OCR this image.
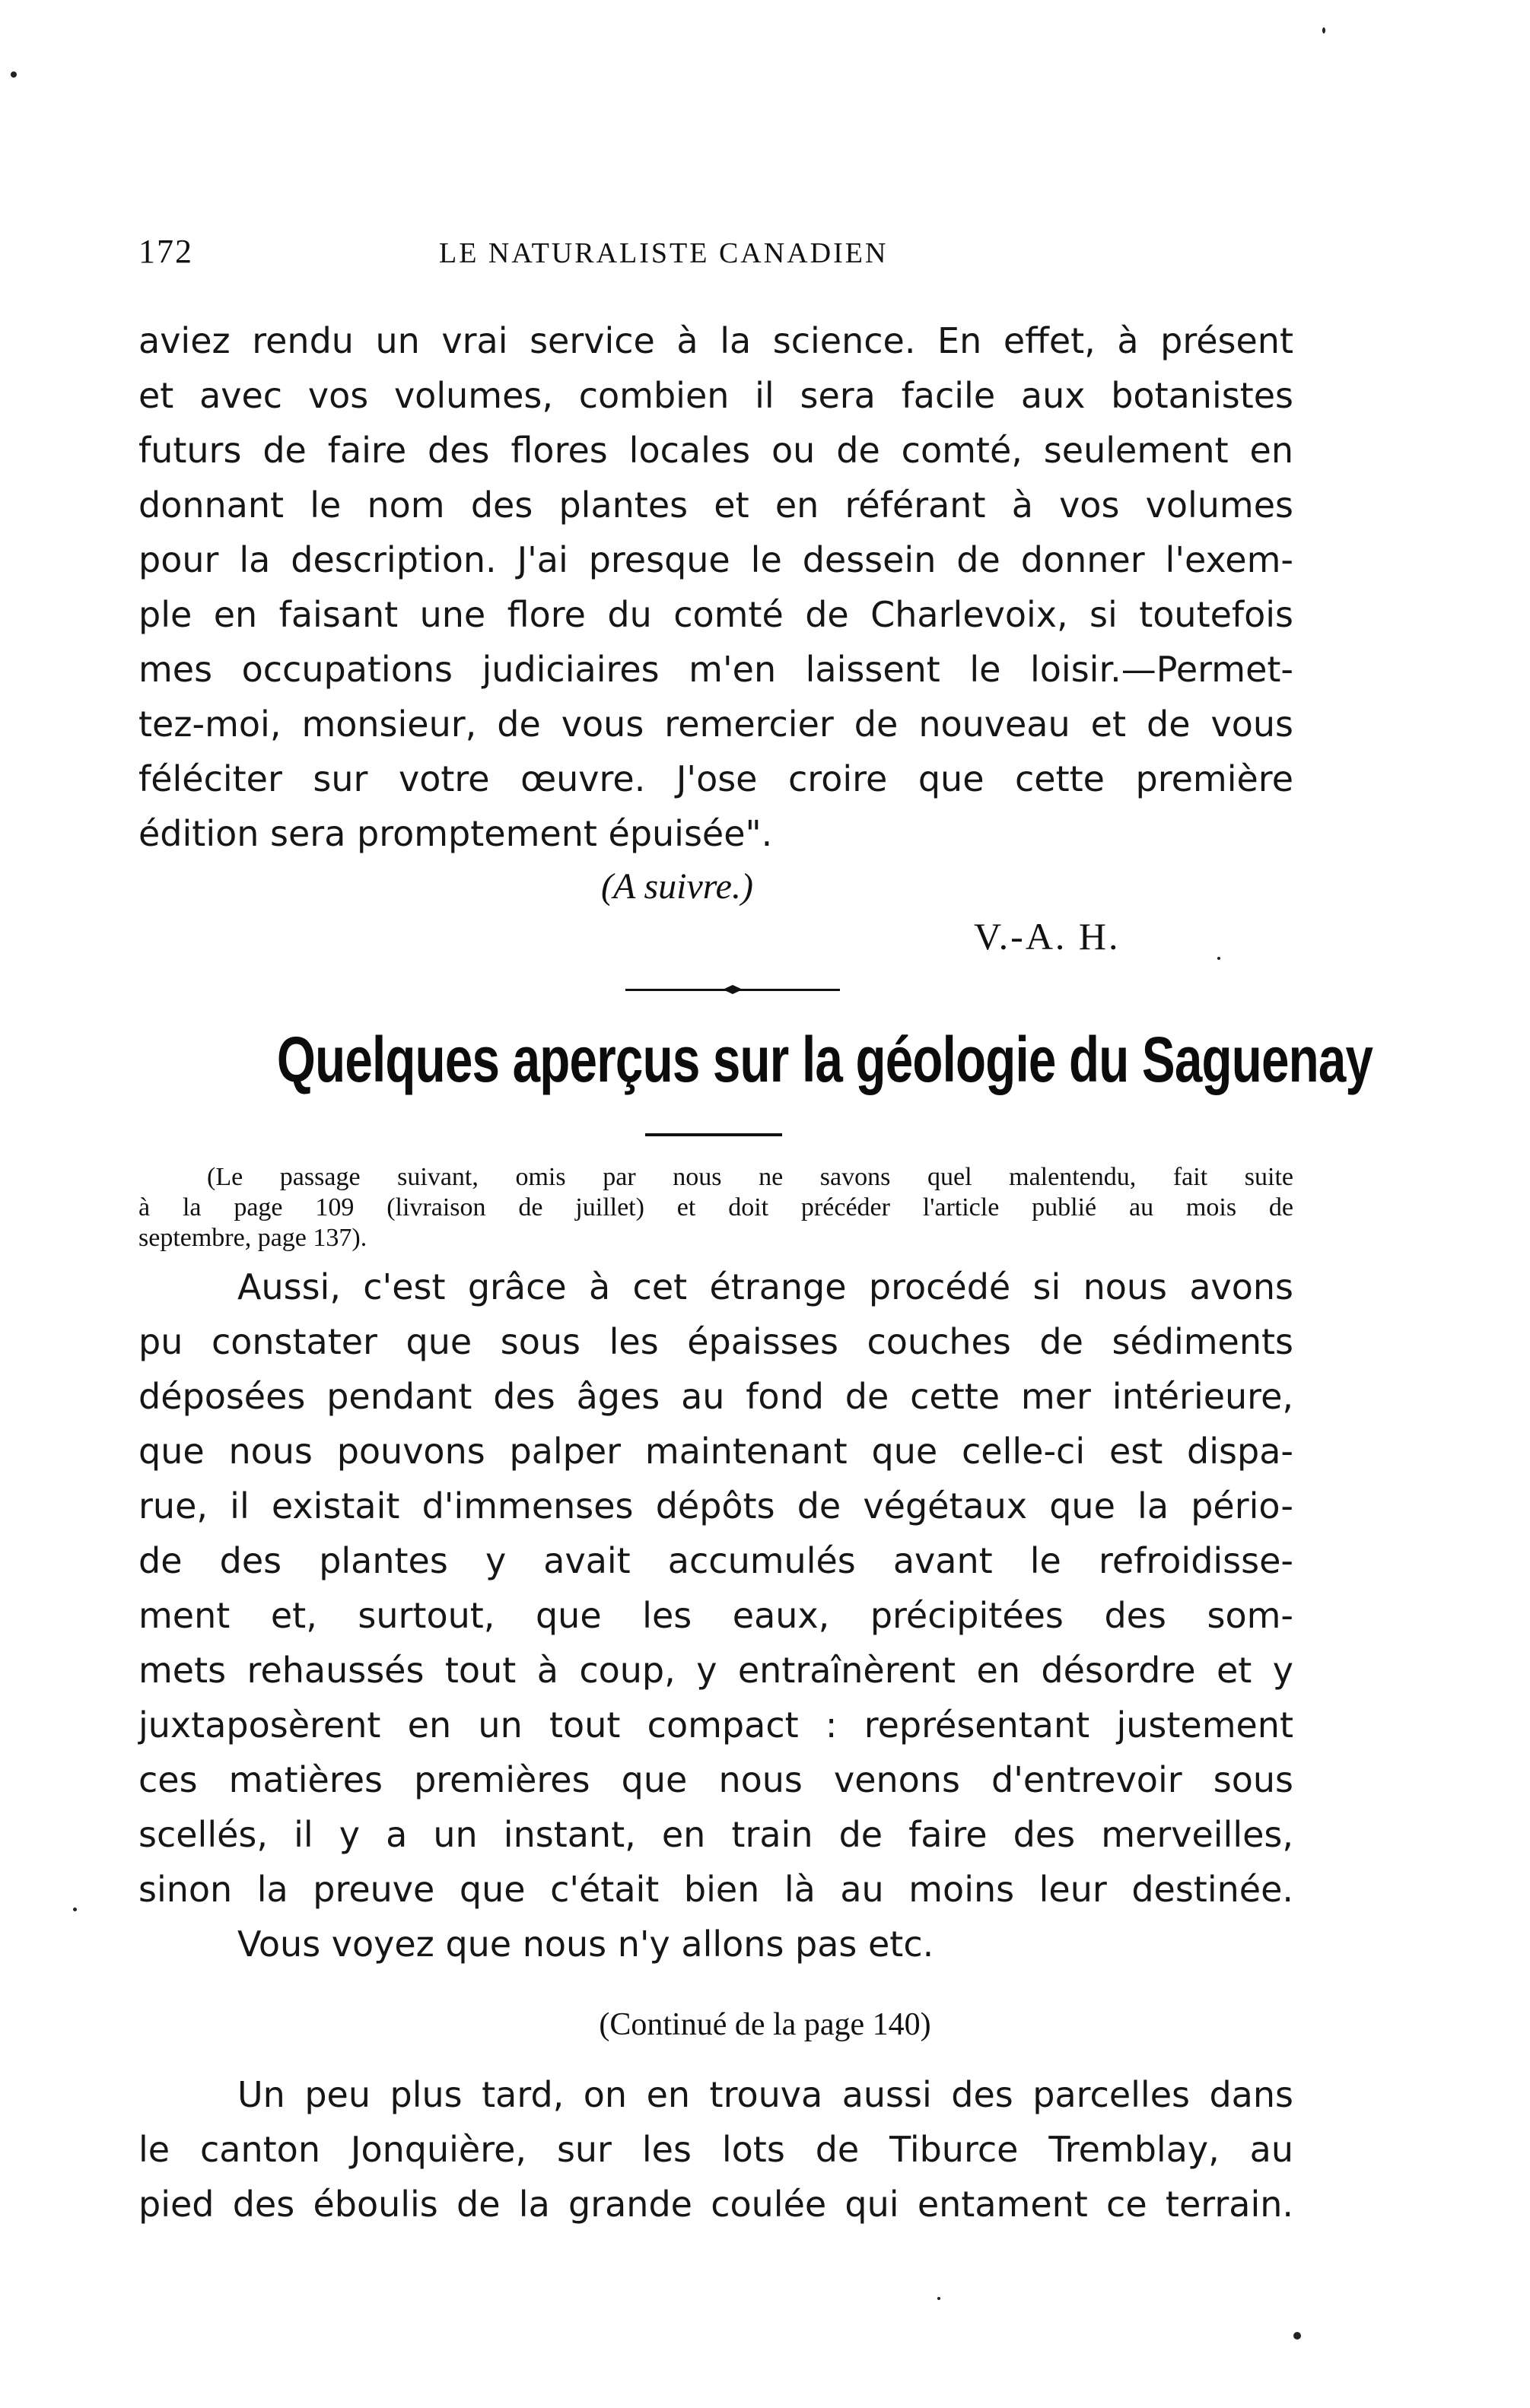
172	LE NATURALISTE CANADIEN
aviez rendu un vrai service à la science. En effet, à présent
et avec vos volumes, combien il sera facile aux botanistes
futurs de faire des flores locales ou de comté, seulement en
donnant le nom des plantes et en référant à vos volumes
pour la description. J'ai presque le dessein de donner l'exem-
ple en faisant une flore du comté de Charlevoix, si toutefois
mes occupations judiciaires m'en laissent le loisir.—Permet-
tez-moi, monsieur, de vous remercier de nouveau et de vous
féléciter sur votre œuvre. J'ose croire que cette première
édition sera promptement épuisée".
(A suivre.)
V.-A. H.
Quelques aperçus sur la géologie du Saguenay
(Le passage suivant, omis par nous ne savons quel malentendu, fait suite
à la page 109 (livraison de juillet) et doit précéder l'article publié au mois de
septembre, page 137).
Aussi, c'est grâce à cet étrange procédé si nous avons
pu constater que sous les épaisses couches de sédiments
déposées pendant des âges au fond de cette mer intérieure,
que nous pouvons palper maintenant que celle-ci est dispa-
rue, il existait d'immenses dépôts de végétaux que la pério-
de des plantes y avait accumulés avant le refroidisse-
ment et, surtout, que les eaux, précipitées des som-
mets rehaussés tout à coup, y entraînèrent en désordre et y
juxtaposèrent en un tout compact : représentant justement
ces matières premières que nous venons d'entrevoir sous
scellés, il y a un instant, en train de faire des merveilles,
sinon la preuve que c'était bien là au moins leur destinée.
Vous voyez que nous n'y allons pas etc.
(Continué de la page 140)
Un peu plus tard, on en trouva aussi des parcelles dans
le canton Jonquière, sur les lots de Tiburce Tremblay, au
pied des éboulis de la grande coulée qui entament ce terrain.
